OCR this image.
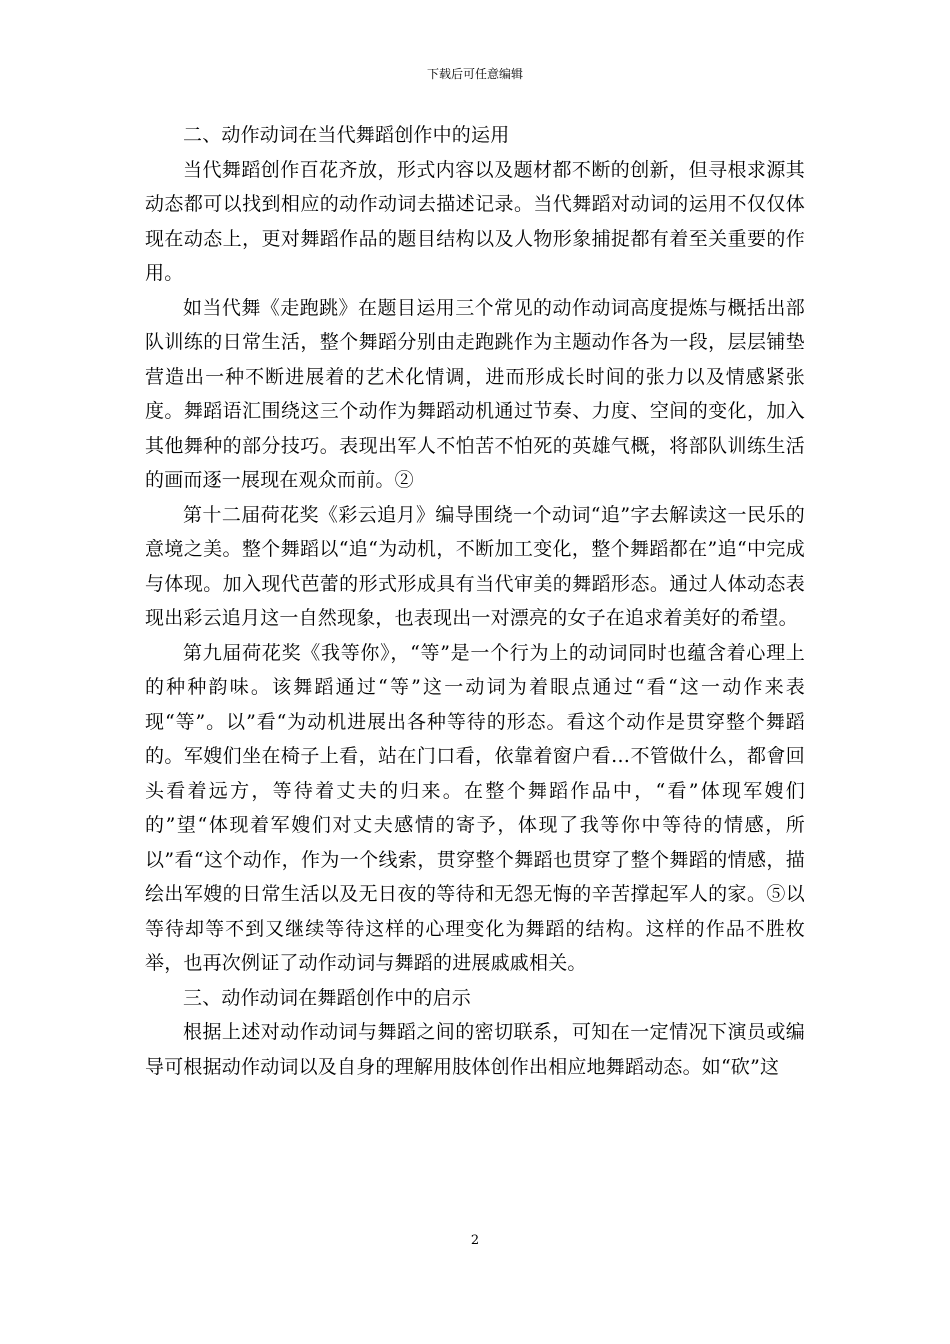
下载后可任意编辑

二、动作动词在当代舞蹈创作中的运用

当代舞蹈创作百花齐放，形式内容以及题材都不断的创新，但寻根求源其动态都可以找到相应的动作动词去描述记录。当代舞蹈对动词的运用不仅仅体现在动态上，更对舞蹈作品的题目结构以及人物形象捕捉都有着至关重要的作用。

如当代舞《走跑跳》在题目运用三个常见的动作动词高度提炼与概括出部队训练的日常生活，整个舞蹈分别由走跑跳作为主题动作各为一段，层层铺垫营造出一种不断进展着的艺术化情调，进而形成长时间的张力以及情感紧张度。舞蹈语汇围绕这三个动作为舞蹈动机通过节奏、力度、空间的变化，加入其他舞种的部分技巧。表现出军人不怕苦不怕死的英雄气概，将部队训练生活的画而逐一展现在观众而前。②

第十二届荷花奖《彩云追月》编导围绕一个动词“追”字去解读这一民乐的意境之美。整个舞蹈以“追“为动机，不断加工变化，整个舞蹈都在”追“中完成与体现。加入现代芭蕾的形式形成具有当代审美的舞蹈形态。通过人体动态表现出彩云追月这一自然现象，也表现出一对漂亮的女子在追求着美好的希望。

第九届荷花奖《我等你》，“等”是一个行为上的动词同时也蕴含着心理上的种种韵味。该舞蹈通过“等”这一动词为着眼点通过“看“这一动作来表现“等”。以”看“为动机进展出各种等待的形态。看这个动作是贯穿整个舞蹈的。军嫂们坐在椅子上看，站在门口看，依靠着窗户看…不管做什么，都會回头看着远方，等待着丈夫的归来。在整个舞蹈作品中，“看”体现军嫂们的”望“体现着军嫂们对丈夫感情的寄予，体现了我等你中等待的情感，所以”看“这个动作，作为一个线索，贯穿整个舞蹈也贯穿了整个舞蹈的情感，描绘出军嫂的日常生活以及无日夜的等待和无怨无悔的辛苦撑起军人的家。⑤以等待却等不到又继续等待这样的心理变化为舞蹈的结构。这样的作品不胜枚举，也再次例证了动作动词与舞蹈的进展戚戚相关。

三、动作动词在舞蹈创作中的启示

根据上述对动作动词与舞蹈之间的密切联系，可知在一定情况下演员或编导可根据动作动词以及自身的理解用肢体创作出相应地舞蹈动态。如“砍”这

2
